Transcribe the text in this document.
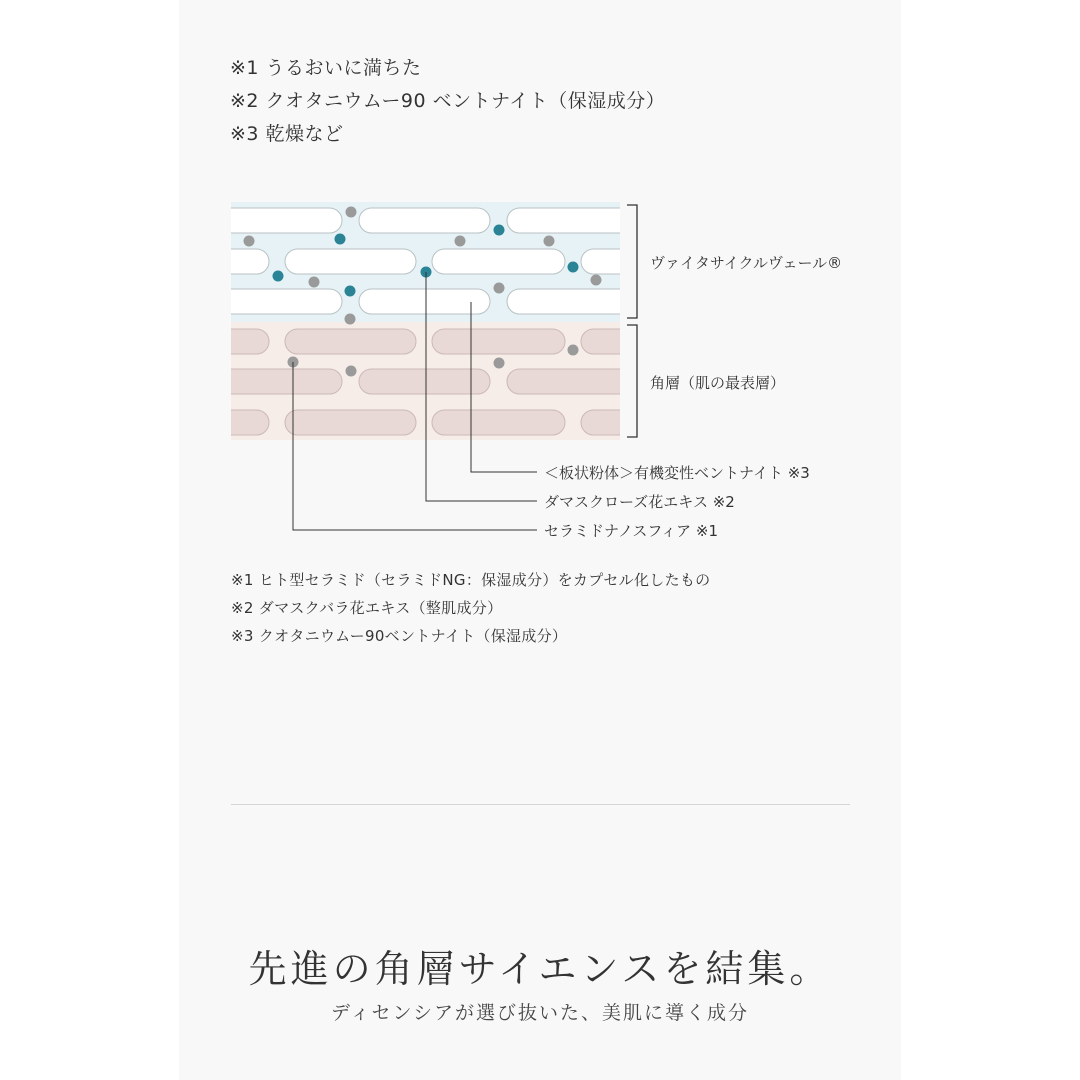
※1 うるおいに満ちた
※2 クオタニウムー90 ベントナイト（保湿成分）
※3 乾燥など
ヴァイタサイクルヴェール®
角層（肌の最表層）
＜板状粉体＞有機変性ベントナイト ※3
ダマスクローズ花エキス ※2
セラミドナノスフィア ※1
※1 ヒト型セラミド（セラミドNG：保湿成分）をカプセル化したもの
※2 ダマスクバラ花エキス（整肌成分）
※3 クオタニウムー90ベントナイト（保湿成分）
先進の角層サイエンスを結集。
ディセンシアが選び抜いた、美肌に導く成分
